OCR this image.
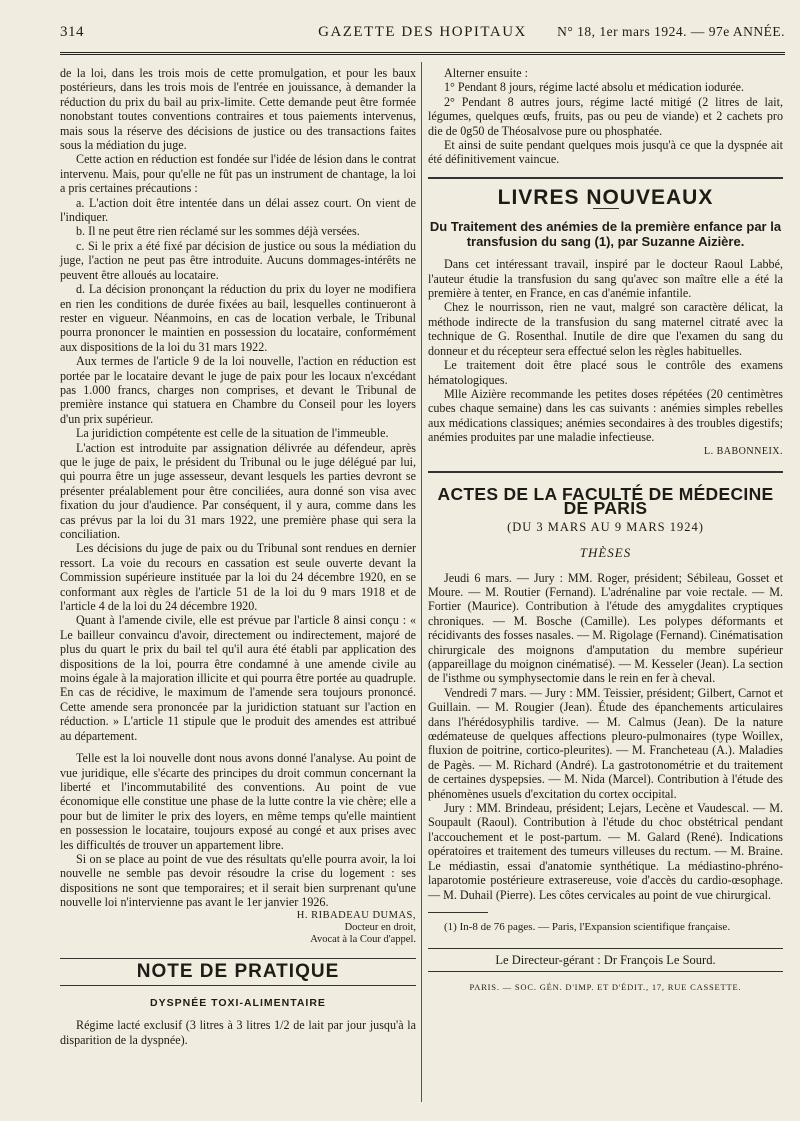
314	GAZETTE DES HOPITAUX	N° 18, 1er mars 1924. — 97e ANNÉE.

de la loi, dans les trois mois de cette promulgation, et pour les baux postérieurs, dans les trois mois de l'entrée en jouissance, à demander la réduction du prix du bail au prix-limite. Cette demande peut être formée nonobstant toutes conventions contraires et tous paiements intervenus, mais sous la réserve des décisions de justice ou des transactions faites sous la médiation du juge.

Cette action en réduction est fondée sur l'idée de lésion dans le contrat intervenu. Mais, pour qu'elle ne fût pas un instrument de chantage, la loi a pris certaines précautions :

a. L'action doit être intentée dans un délai assez court. On vient de l'indiquer.

b. Il ne peut être rien réclamé sur les sommes déjà versées.

c. Si le prix a été fixé par décision de justice ou sous la médiation du juge, l'action ne peut pas être introduite. Aucuns dommages-intérêts ne peuvent être alloués au locataire.

d. La décision prononçant la réduction du prix du loyer ne modifiera en rien les conditions de durée fixées au bail, lesquelles continueront à rester en vigueur. Néanmoins, en cas de location verbale, le Tribunal pourra prononcer le maintien en possession du locataire, conformément aux dispositions de la loi du 31 mars 1922.

Aux termes de l'article 9 de la loi nouvelle, l'action en réduction est portée par le locataire devant le juge de paix pour les locaux n'excédant pas 1.000 francs, charges non comprises, et devant le Tribunal de première instance qui statuera en Chambre du Conseil pour les loyers d'un prix supérieur.

La juridiction compétente est celle de la situation de l'immeuble.

L'action est introduite par assignation délivrée au défendeur, après que le juge de paix, le président du Tribunal ou le juge délégué par lui, qui pourra être un juge assesseur, devant lesquels les parties devront se présenter préalablement pour être conciliées, aura donné son visa avec fixation du jour d'audience. Par conséquent, il y aura, comme dans les cas prévus par la loi du 31 mars 1922, une première phase qui sera la conciliation.

Les décisions du juge de paix ou du Tribunal sont rendues en dernier ressort. La voie du recours en cassation est seule ouverte devant la Commission supérieure instituée par la loi du 24 décembre 1920, en se conformant aux règles de l'article 51 de la loi du 9 mars 1918 et de l'article 4 de la loi du 24 décembre 1920.

Quant à l'amende civile, elle est prévue par l'article 8 ainsi conçu : « Le bailleur convaincu d'avoir, directement ou indirectement, majoré de plus du quart le prix du bail tel qu'il aura été établi par application des dispositions de la loi, pourra être condamné à une amende civile au moins égale à la majoration illicite et qui pourra être portée au quadruple. En cas de récidive, le maximum de l'amende sera toujours prononcé. Cette amende sera prononcée par la juridiction statuant sur l'action en réduction. » L'article 11 stipule que le produit des amendes est attribué au département.

Telle est la loi nouvelle dont nous avons donné l'analyse. Au point de vue juridique, elle s'écarte des principes du droit commun concernant la liberté et l'incommutabilité des conventions. Au point de vue économique elle constitue une phase de la lutte contre la vie chère; elle a pour but de limiter le prix des loyers, en même temps qu'elle maintient en possession le locataire, toujours exposé au congé et aux prises avec les difficultés de trouver un appartement libre.

Si on se place au point de vue des résultats qu'elle pourra avoir, la loi nouvelle ne semble pas devoir résoudre la crise du logement : ses dispositions ne sont que temporaires; et il serait bien surprenant qu'une nouvelle loi n'intervienne pas avant le 1er janvier 1926.

H. RIBADEAU DUMAS,
Docteur en droit,
Avocat à la Cour d'appel.
NOTE DE PRATIQUE
DYSPNÉE TOXI-ALIMENTAIRE

Régime lacté exclusif (3 litres à 3 litres 1/2 de lait par jour jusqu'à la disparition de la dyspnée).

Alterner ensuite :

1° Pendant 8 jours, régime lacté absolu et médication iodurée.

2° Pendant 8 autres jours, régime lacté mitigé (2 litres de lait, légumes, quelques œufs, fruits, pas ou peu de viande) et 2 cachets pro die de 0g50 de Théosalvose pure ou phosphatée.

Et ainsi de suite pendant quelques mois jusqu'à ce que la dyspnée ait été définitivement vaincue.

LIVRES NOUVEAUX
Du Traitement des anémies de la première enfance par la transfusion du sang (1), par Suzanne Aizière.

Dans cet intéressant travail, inspiré par le docteur Raoul Labbé, l'auteur étudie la transfusion du sang qu'avec son maître elle a été la première à tenter, en France, en cas d'anémie infantile.

Chez le nourrisson, rien ne vaut, malgré son caractère délicat, la méthode indirecte de la transfusion du sang maternel citraté avec la technique de G. Rosenthal. Inutile de dire que l'examen du sang du donneur et du récepteur sera effectué selon les règles habituelles.

Le traitement doit être placé sous le contrôle des examens hématologiques.

Mlle Aizière recommande les petites doses répétées (20 centimètres cubes chaque semaine) dans les cas suivants : anémies simples rebelles aux médications classiques; anémies secondaires à des troubles digestifs; anémies produites par une maladie infectieuse.

L. BABONNEIX.
ACTES DE LA FACULTÉ DE MÉDECINE DE PARIS
(DU 3 MARS AU 9 MARS 1924)
THÈSES

Jeudi 6 mars. — Jury : MM. Roger, président; Sébileau, Gosset et Moure. — M. Routier (Fernand). L'adrénaline par voie rectale. — M. Fortier (Maurice). Contribution à l'étude des amygdalites cryptiques chroniques. — M. Bosche (Camille). Les polypes déformants et récidivants des fosses nasales. — M. Rigolage (Fernand). Cinématisation chirurgicale des moignons d'amputation du membre supérieur (appareillage du moignon cinématisé). — M. Kesseler (Jean). La section de l'isthme ou symphysectomie dans le rein en fer à cheval.

Vendredi 7 mars. — Jury : MM. Teissier, président; Gilbert, Carnot et Guillain. — M. Rougier (Jean). Étude des épanchements articulaires dans l'hérédosyphilis tardive. — M. Calmus (Jean). De la nature œdémateuse de quelques affections pleuro-pulmonaires (type Woillex, fluxion de poitrine, cortico-pleurites). — M. Francheteau (A.). Maladies de Pagès. — M. Richard (André). La gastrotonométrie et du traitement de certaines dyspepsies. — M. Nida (Marcel). Contribution à l'étude des phénomènes usuels d'excitation du cortex occipital.

Jury : MM. Brindeau, président; Lejars, Lecène et Vaudescal. — M. Soupault (Raoul). Contribution à l'étude du choc obstétrical pendant l'accouchement et le post-partum. — M. Galard (René). Indications opératoires et traitement des tumeurs villeuses du rectum. — M. Braine. Le médiastin, essai d'anatomie synthétique. La médiastino-phréno-laparotomie postérieure extrasereuse, voie d'accès du cardio-œsophage. — M. Duhail (Pierre). Les côtes cervicales au point de vue chirurgical.

(1) In-8 de 76 pages. — Paris, l'Expansion scientifique française.

Le Directeur-gérant : Dr François Le Sourd.
PARIS. — SOC. GÉN. D'IMP. ET D'ÉDIT., 17, RUE CASSETTE.
